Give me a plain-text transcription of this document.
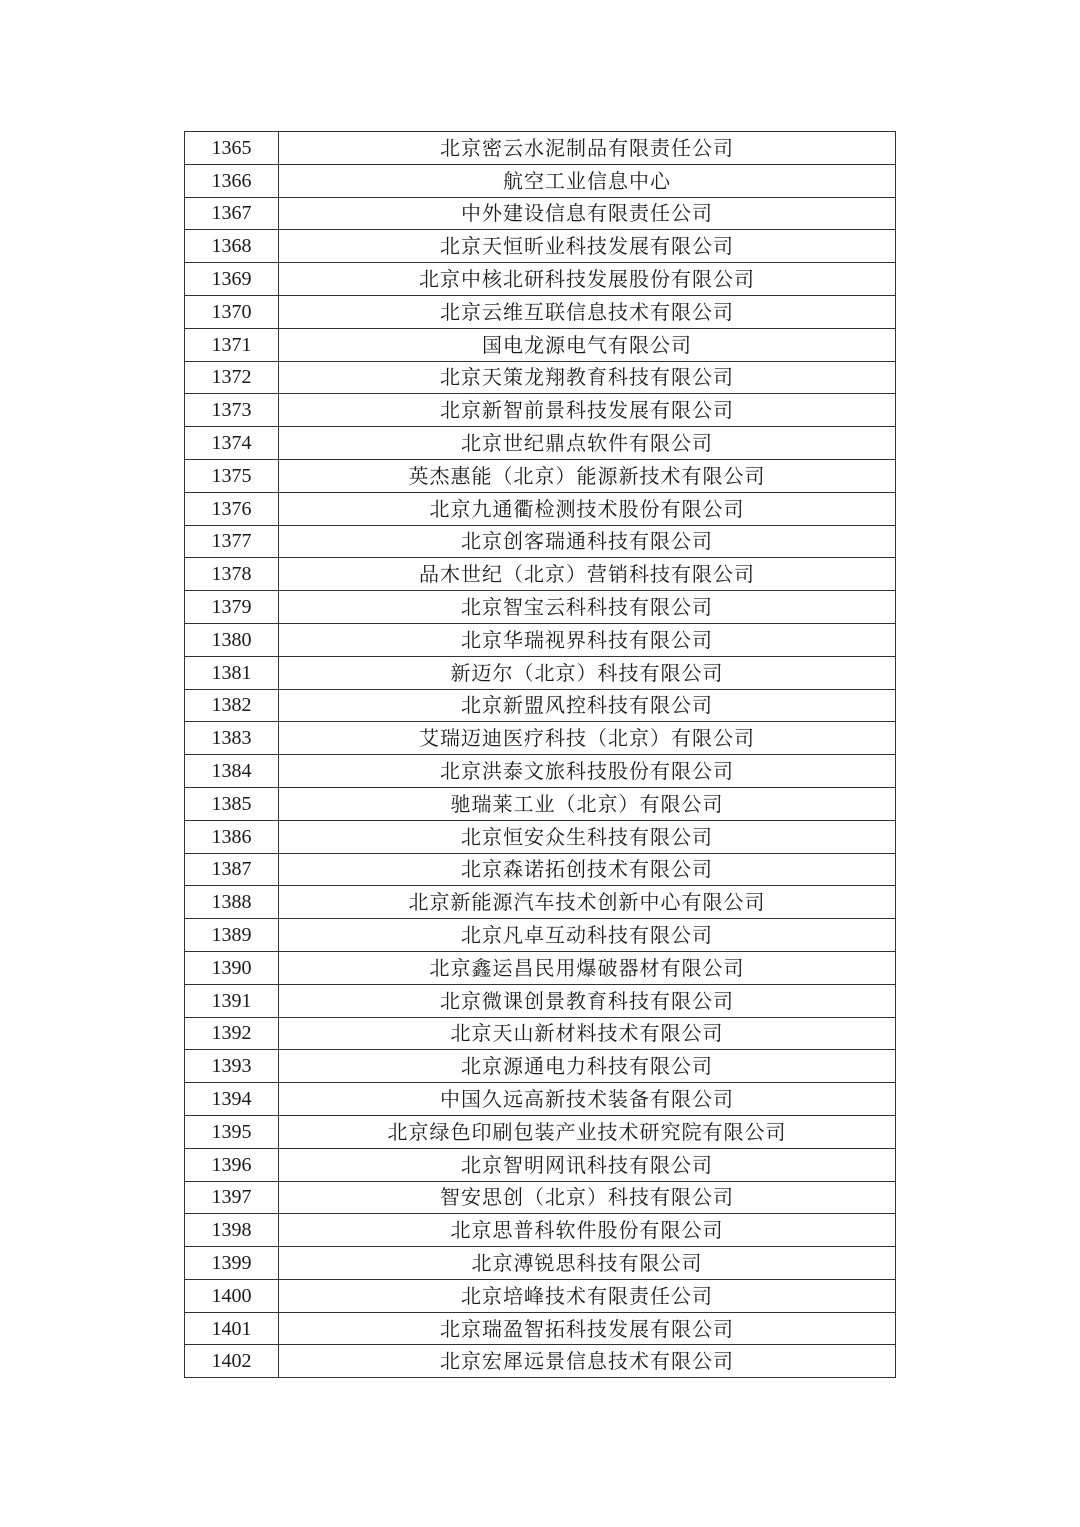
1365	北京密云水泥制品有限责任公司
1366	航空工业信息中心
1367	中外建设信息有限责任公司
1368	北京天恒昕业科技发展有限公司
1369	北京中核北研科技发展股份有限公司
1370	北京云维互联信息技术有限公司
1371	国电龙源电气有限公司
1372	北京天策龙翔教育科技有限公司
1373	北京新智前景科技发展有限公司
1374	北京世纪鼎点软件有限公司
1375	英杰惠能（北京）能源新技术有限公司
1376	北京九通衢检测技术股份有限公司
1377	北京创客瑞通科技有限公司
1378	品木世纪（北京）营销科技有限公司
1379	北京智宝云科科技有限公司
1380	北京华瑞视界科技有限公司
1381	新迈尔（北京）科技有限公司
1382	北京新盟风控科技有限公司
1383	艾瑞迈迪医疗科技（北京）有限公司
1384	北京洪泰文旅科技股份有限公司
1385	驰瑞莱工业（北京）有限公司
1386	北京恒安众生科技有限公司
1387	北京森诺拓创技术有限公司
1388	北京新能源汽车技术创新中心有限公司
1389	北京凡卓互动科技有限公司
1390	北京鑫运昌民用爆破器材有限公司
1391	北京微课创景教育科技有限公司
1392	北京天山新材料技术有限公司
1393	北京源通电力科技有限公司
1394	中国久远高新技术装备有限公司
1395	北京绿色印刷包装产业技术研究院有限公司
1396	北京智明网讯科技有限公司
1397	智安思创（北京）科技有限公司
1398	北京思普科软件股份有限公司
1399	北京溥锐思科技有限公司
1400	北京培峰技术有限责任公司
1401	北京瑞盈智拓科技发展有限公司
1402	北京宏犀远景信息技术有限公司
